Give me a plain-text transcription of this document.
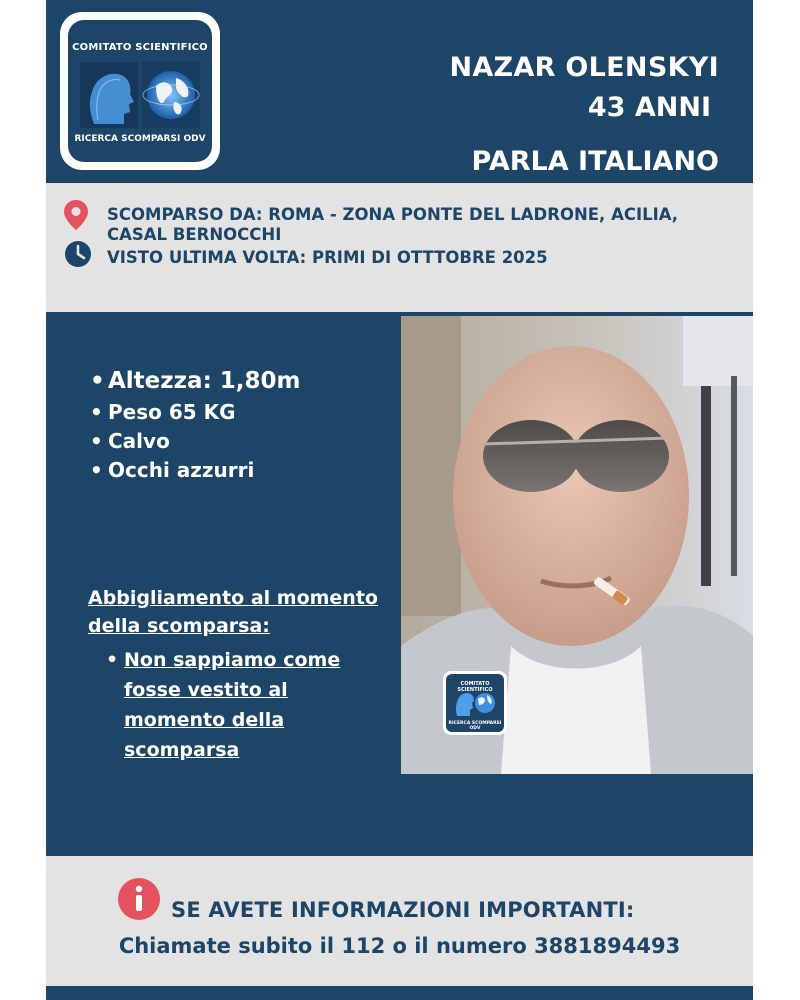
COMITATO SCIENTIFICO
RICERCA SCOMPARSI ODV
NAZAR OLENSKYI
43 ANNI
PARLA ITALIANO
SCOMPARSO DA: ROMA - ZONA PONTE DEL LADRONE, ACILIA, CASAL BERNOCCHI
VISTO ULTIMA VOLTA: PRIMI DI OTTTOBRE 2025
• Altezza: 1,80m
• Peso 65 KG
• Calvo
• Occhi azzurri
Abbigliamento al momento della scomparsa:
• Non sappiamo come fosse vestito al momento della scomparsa
COMITATO SCIENTIFICO
RICERCA SCOMPARSI ODV
SE AVETE INFORMAZIONI IMPORTANTI:
Chiamate subito il 112 o il numero 3881894493
